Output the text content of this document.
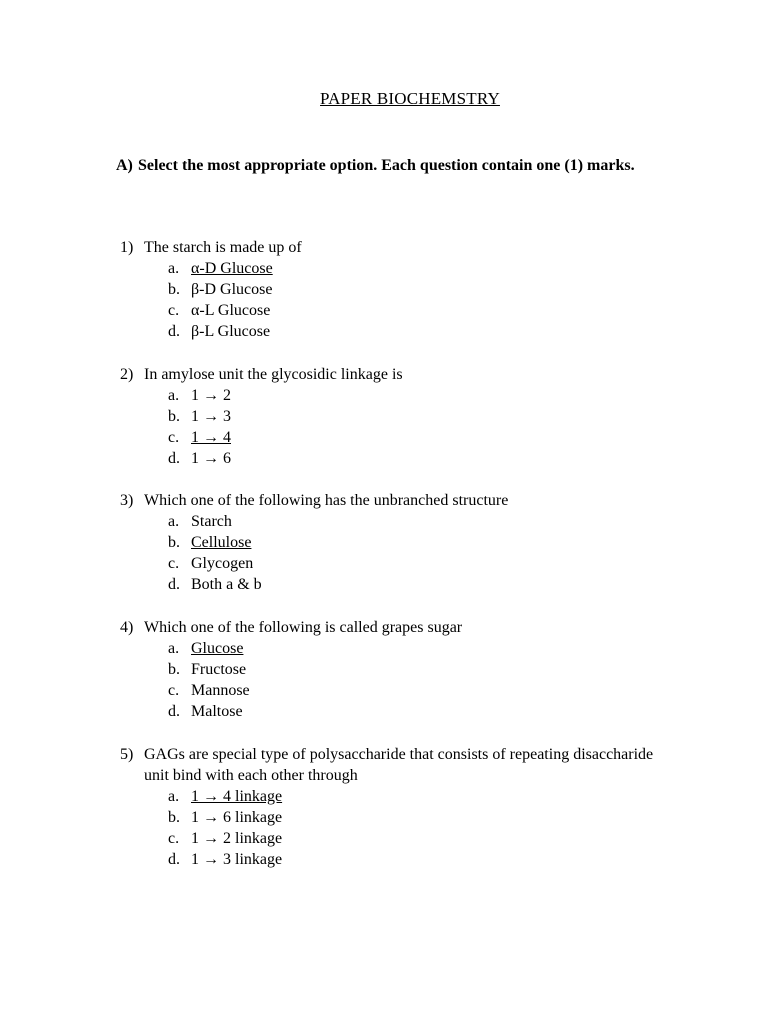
PAPER BIOCHEMSTRY
A) Select the most appropriate option. Each question contain one (1) marks.
1) The starch is made up of
a. α-D Glucose
b. β-D Glucose
c. α-L Glucose
d. β-L Glucose
2) In amylose unit the glycosidic linkage is
a. 1 → 2
b. 1 → 3
c. 1 → 4
d. 1 → 6
3) Which one of the following has the unbranched structure
a. Starch
b. Cellulose
c. Glycogen
d. Both a & b
4) Which one of the following is called grapes sugar
a. Glucose
b. Fructose
c. Mannose
d. Maltose
5) GAGs are special type of polysaccharide that consists of repeating disaccharide unit bind with each other through
a. 1 → 4 linkage
b. 1 → 6 linkage
c. 1 → 2 linkage
d. 1 → 3 linkage
